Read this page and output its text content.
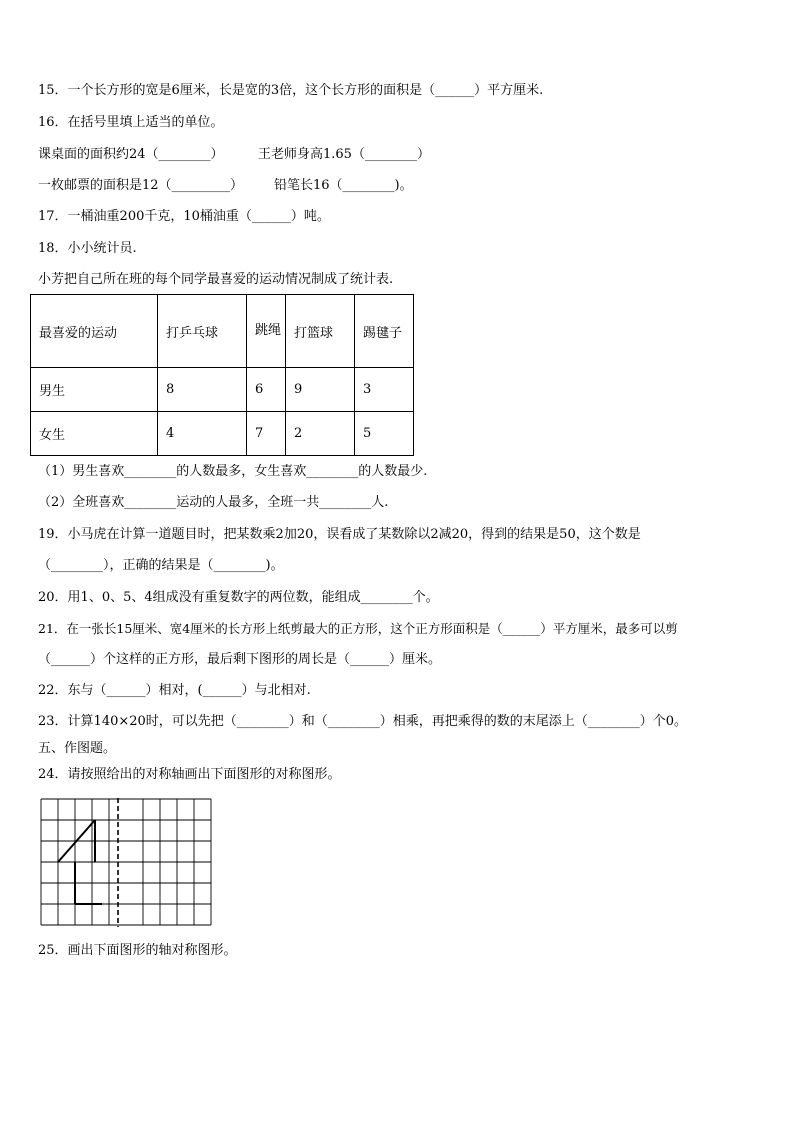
15．一个长方形的宽是6厘米，长是宽的3倍，这个长方形的面积是（______）平方厘米.
16．在括号里填上适当的单位。
课桌面的面积约24（________）	王老师身高1.65（________）
一枚邮票的面积是12（_________） 铅笔长16（________)。
17．一桶油重200千克，10桶油重（______）吨。
18．小小统计员.
小芳把自己所在班的每个同学最喜爱的运动情况制成了统计表.
最喜爱的运动	打乒乓球	跳绳	打篮球	踢毽子
男生	8	6	9	3
女生	4	7	2	5
（1）男生喜欢________的人数最多，女生喜欢________的人数最少.
（2）全班喜欢________运动的人最多，全班一共________人.
19．小马虎在计算一道题目时，把某数乘2加20，误看成了某数除以2减20，得到的结果是50，这个数是
（________），正确的结果是（________)。
20．用1、0、5、4组成没有重复数字的两位数，能组成________个。
21．在一张长15厘米、宽4厘米的长方形上纸剪最大的正方形，这个正方形面积是（______）平方厘米，最多可以剪
（______）个这样的正方形，最后剩下图形的周长是（______）厘米。
22．东与（______）相对，(______）与北相对.
23．计算140×20时，可以先把（________）和（________）相乘，再把乘得的数的末尾添上（________）个0。
五、作图题。
24．请按照给出的对称轴画出下面图形的对称图形。
25．画出下面图形的轴对称图形。
